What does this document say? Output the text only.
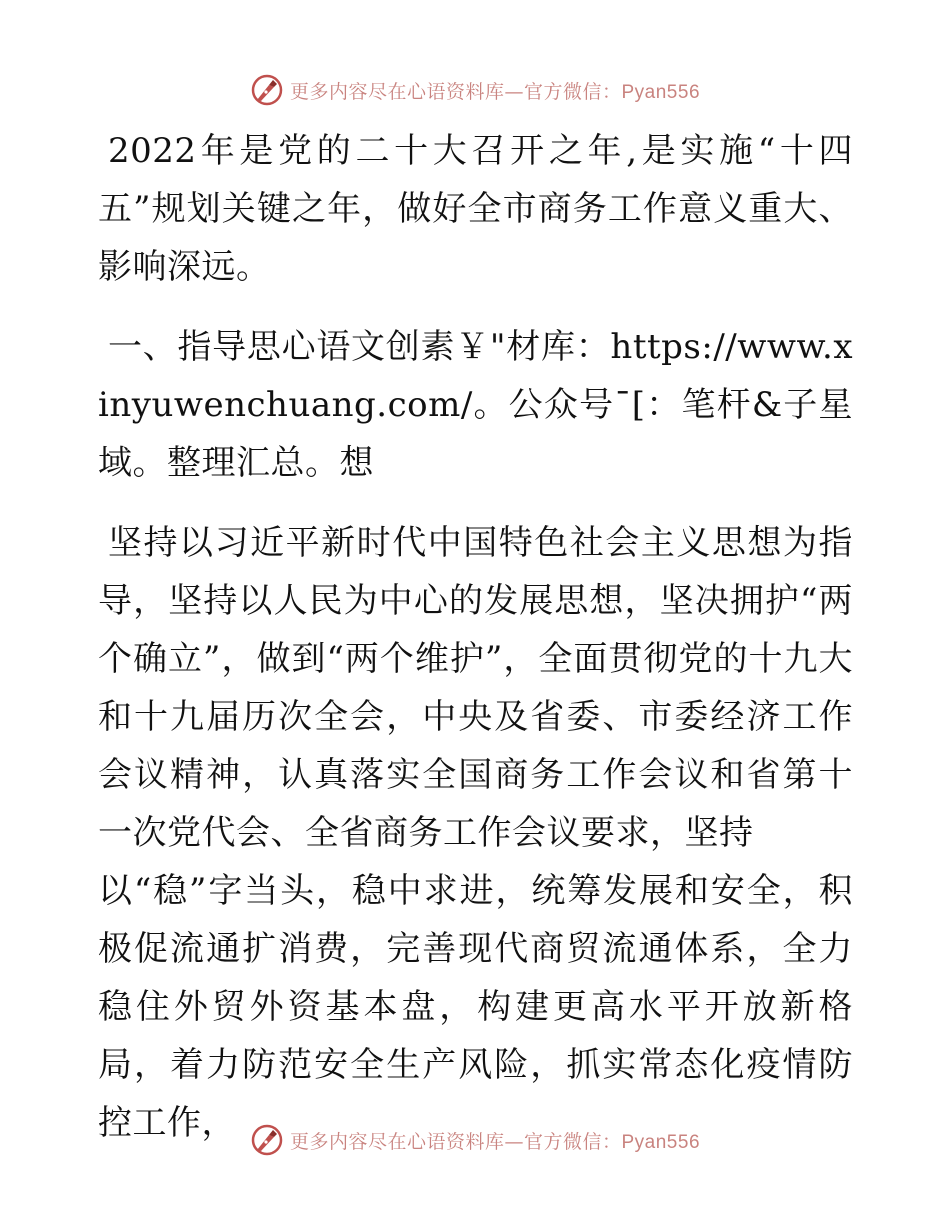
更多内容尽在心语资料库—官方微信：Pyan556

2022年是党的二十大召开之年,是实施“十四五”规划关键之年，做好全市商务工作意义重大、影响深远。

一、指导思心语文创素￥"材库：https://www.xinyuwenchuang.com/。公众号¯[：笔杆&子星域。整理汇总。想

坚持以习近平新时代中国特色社会主义思想为指导，坚持以人民为中心的发展思想，坚决拥护“两个确立”，做到“两个维护”，全面贯彻党的十九大和十九届历次全会，中央及省委、市委经济工作会议精神，认真落实全国商务工作会议和省第十一次党代会、全省商务工作会议要求，坚持

以“稳”字当头，稳中求进，统筹发展和安全，积极促流通扩消费，完善现代商贸流通体系，全力稳住外贸外资基本盘，构建更高水平开放新格局，着力防范安全生产风险，抓实常态化疫情防控工作，	更多内容尽在心语资料库—官方微信：Pyan556
